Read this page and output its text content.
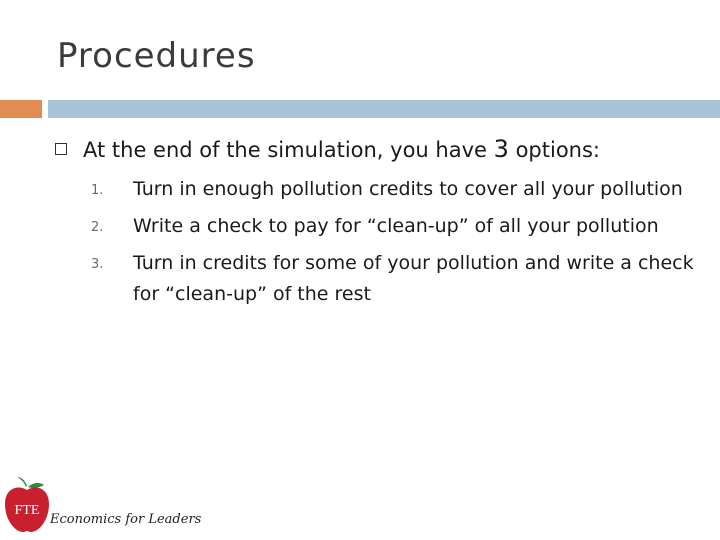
Procedures
At the end of the simulation, you have 3 options:
1. Turn in enough pollution credits to cover all your pollution
2. Write a check to pay for “clean-up” of all your pollution
3. Turn in credits for some of your pollution and write a check for “clean-up” of the rest
FTE
Economics for Leaders
